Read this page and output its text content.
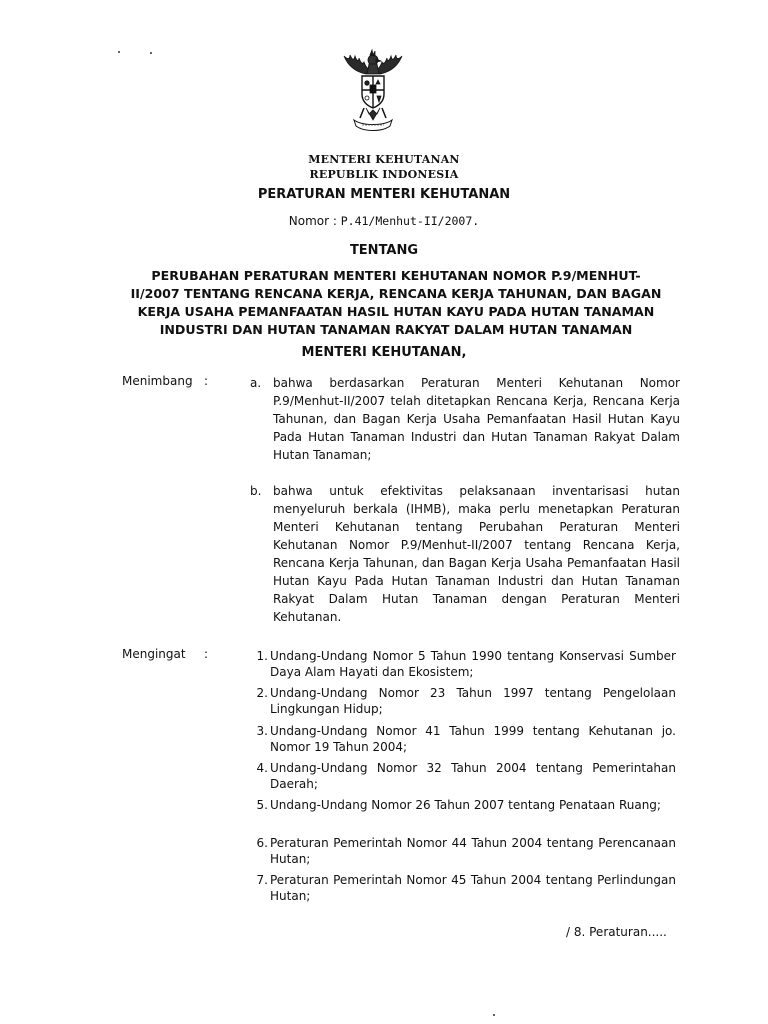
MENTERI KEHUTANAN
REPUBLIK INDONESIA
PERATURAN MENTERI KEHUTANAN
Nomor : P.41/Menhut-II/2007.
TENTANG
PERUBAHAN PERATURAN MENTERI KEHUTANAN NOMOR P.9/MENHUT-
II/2007 TENTANG RENCANA KERJA, RENCANA KERJA TAHUNAN, DAN BAGAN
KERJA USAHA PEMANFAATAN HASIL HUTAN KAYU PADA HUTAN TANAMAN
INDUSTRI DAN HUTAN TANAMAN RAKYAT DALAM HUTAN TANAMAN
MENTERI KEHUTANAN,
Menimbang :	a. bahwa berdasarkan Peraturan Menteri Kehutanan Nomor P.9/Menhut-II/2007 telah ditetapkan Rencana Kerja, Rencana Kerja Tahunan, dan Bagan Kerja Usaha Pemanfaatan Hasil Hutan Kayu Pada Hutan Tanaman Industri dan Hutan Tanaman Rakyat Dalam Hutan Tanaman;
b. bahwa untuk efektivitas pelaksanaan inventarisasi hutan menyeluruh berkala (IHMB), maka perlu menetapkan Peraturan Menteri Kehutanan tentang Perubahan Peraturan Menteri Kehutanan Nomor P.9/Menhut-II/2007 tentang Rencana Kerja, Rencana Kerja Tahunan, dan Bagan Kerja Usaha Pemanfaatan Hasil Hutan Kayu Pada Hutan Tanaman Industri dan Hutan Tanaman Rakyat Dalam Hutan Tanaman dengan Peraturan Menteri Kehutanan.
Mengingat :	1. Undang-Undang Nomor 5 Tahun 1990 tentang Konservasi Sumber Daya Alam Hayati dan Ekosistem;
2. Undang-Undang Nomor 23 Tahun 1997 tentang Pengelolaan Lingkungan Hidup;
3. Undang-Undang Nomor 41 Tahun 1999 tentang Kehutanan jo. Nomor 19 Tahun 2004;
4. Undang-Undang Nomor 32 Tahun 2004 tentang Pemerintahan Daerah;
5. Undang-Undang Nomor 26 Tahun 2007 tentang Penataan Ruang;
6. Peraturan Pemerintah Nomor 44 Tahun 2004 tentang Perencanaan Hutan;
7. Peraturan Pemerintah Nomor 45 Tahun 2004 tentang Perlindungan Hutan;
/ 8. Peraturan.....
